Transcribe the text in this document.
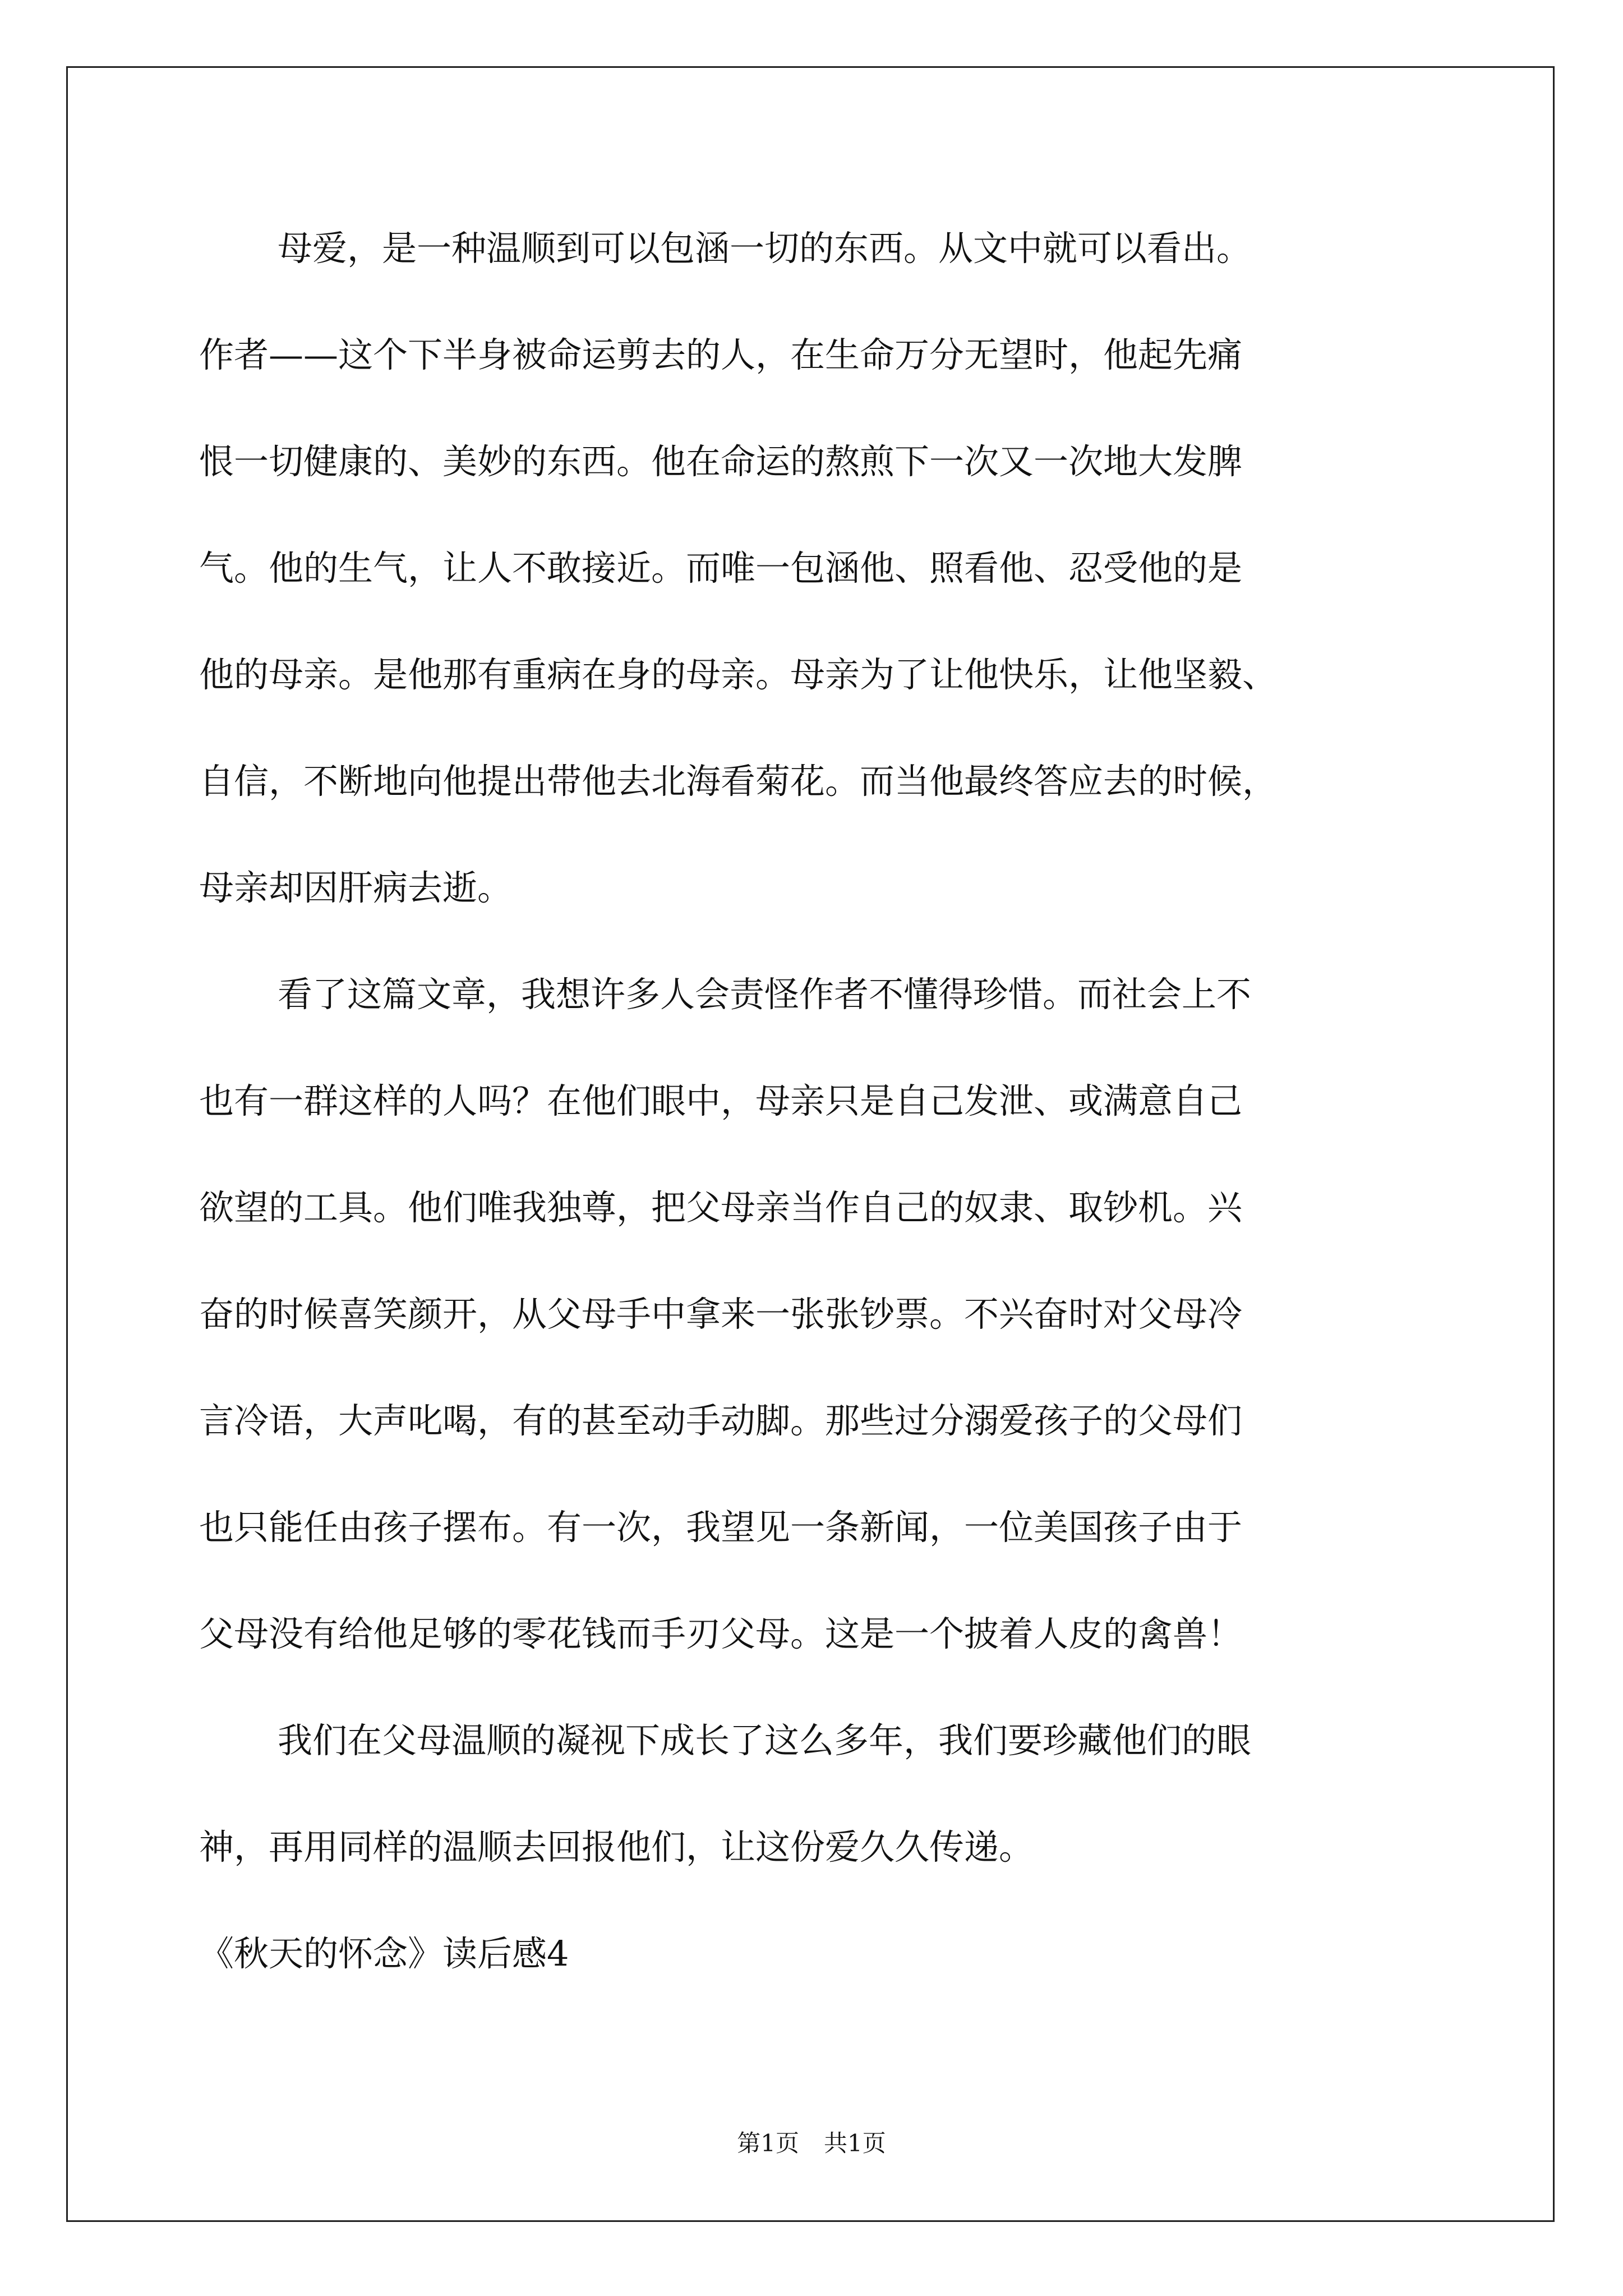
母爱，是一种温顺到可以包涵一切的东西。从文中就可以看出。
作者——这个下半身被命运剪去的人，在生命万分无望时，他起先痛
恨一切健康的、美妙的东西。他在命运的熬煎下一次又一次地大发脾
气。他的生气，让人不敢接近。而唯一包涵他、照看他、忍受他的是
他的母亲。是他那有重病在身的母亲。母亲为了让他快乐，让他坚毅、
自信，不断地向他提出带他去北海看菊花。而当他最终答应去的时候，
母亲却因肝病去逝。
看了这篇文章，我想许多人会责怪作者不懂得珍惜。而社会上不
也有一群这样的人吗？在他们眼中，母亲只是自己发泄、或满意自己
欲望的工具。他们唯我独尊，把父母亲当作自己的奴隶、取钞机。兴
奋的时候喜笑颜开，从父母手中拿来一张张钞票。不兴奋时对父母冷
言冷语，大声叱喝，有的甚至动手动脚。那些过分溺爱孩子的父母们
也只能任由孩子摆布。有一次，我望见一条新闻，一位美国孩子由于
父母没有给他足够的零花钱而手刃父母。这是一个披着人皮的禽兽！
我们在父母温顺的凝视下成长了这么多年，我们要珍藏他们的眼
神，再用同样的温顺去回报他们，让这份爱久久传递。
《秋天的怀念》读后感4
第1页 共1页
